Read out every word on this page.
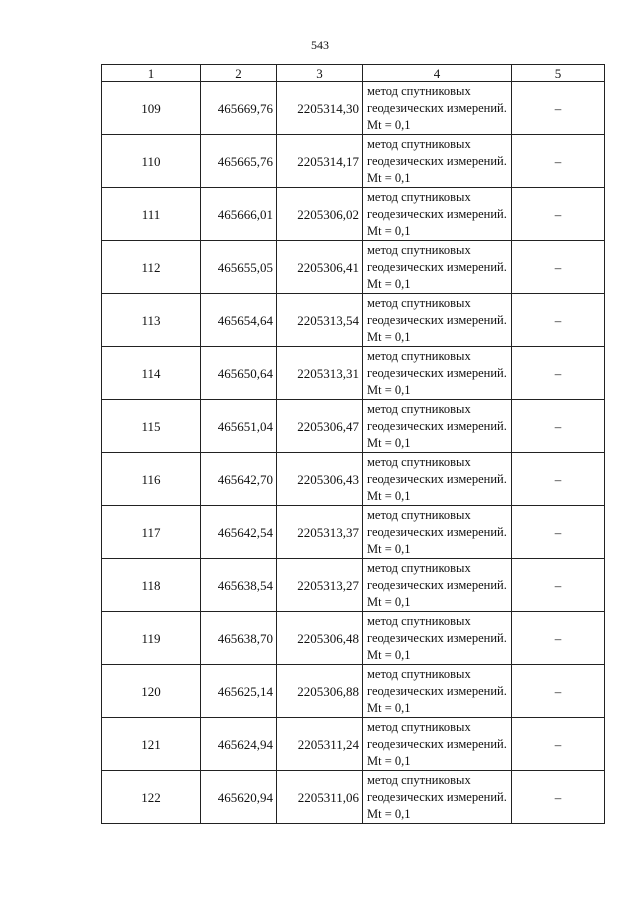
543
1	2	3	4	5
109	465669,76	2205314,30	метод спутниковых геодезических измерений. Mt = 0,1	–
110	465665,76	2205314,17	метод спутниковых геодезических измерений. Mt = 0,1	–
111	465666,01	2205306,02	метод спутниковых геодезических измерений. Mt = 0,1	–
112	465655,05	2205306,41	метод спутниковых геодезических измерений. Mt = 0,1	–
113	465654,64	2205313,54	метод спутниковых геодезических измерений. Mt = 0,1	–
114	465650,64	2205313,31	метод спутниковых геодезических измерений. Mt = 0,1	–
115	465651,04	2205306,47	метод спутниковых геодезических измерений. Mt = 0,1	–
116	465642,70	2205306,43	метод спутниковых геодезических измерений. Mt = 0,1	–
117	465642,54	2205313,37	метод спутниковых геодезических измерений. Mt = 0,1	–
118	465638,54	2205313,27	метод спутниковых геодезических измерений. Mt = 0,1	–
119	465638,70	2205306,48	метод спутниковых геодезических измерений. Mt = 0,1	–
120	465625,14	2205306,88	метод спутниковых геодезических измерений. Mt = 0,1	–
121	465624,94	2205311,24	метод спутниковых геодезических измерений. Mt = 0,1	–
122	465620,94	2205311,06	метод спутниковых геодезических измерений. Mt = 0,1	–
